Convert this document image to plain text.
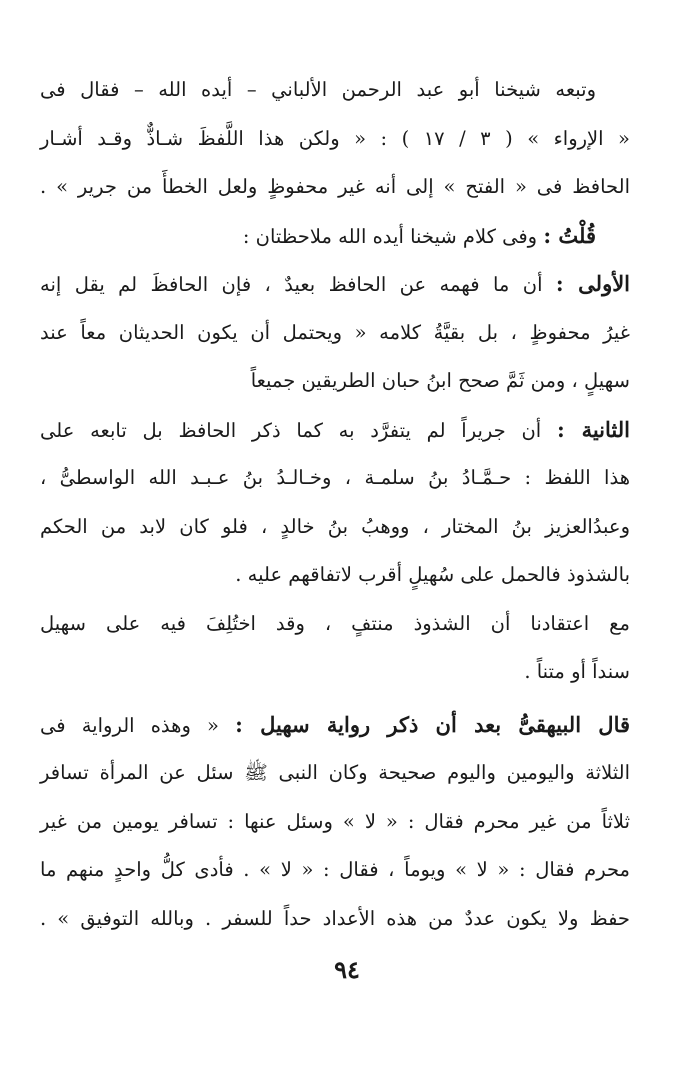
وتبعه شيخنا أبو عبد الرحمن الألباني – أيده الله – فقال فى
« الإرواء » ( ٣ / ١٧ ) : « ولكن هذا اللَّفظَ شـاذٌّ وقـد أشـار
الحافظ فى « الفتح » إلى أنه غير محفوظٍ ولعل الخطأَ من جرير » .
قُلْتُ : وفى كلام شيخنا أيده الله ملاحظتان :
الأولى : أن ما فهمه عن الحافظ بعيدٌ ، فإن الحافظَ لم يقل إنه
غيرُ محفوظٍ ، بل بقيَّةُ كلامه « ويحتمل أن يكون الحديثان معاً عند
سهيلٍ ، ومن ثَمَّ صحح ابنُ حبان الطريقين جميعاً
الثانية : أن جريراً لم يتفرَّد به كما ذكر الحافظ بل تابعه على
هذا اللفظ : حـمَّـادُ بنُ سلمـة ، وخـالـدُ بنُ عـبـد الله الواسطىُّ ،
وعبدُالعزيز بنُ المختار ، ووهبُ بنُ خالدٍ ، فلو كان لابد من الحكم
بالشذوذ فالحمل على سُهيلٍ أقرب لاتفاقهم عليه .
مع اعتقادنا أن الشذوذ منتفٍ ، وقد اختُلِفَ فيه على سهيل
سنداً أو متناً .
قال البيهقىُّ بعد أن ذكر رواية سهيل : « وهذه الرواية فى
الثلاثة واليومين واليوم صحيحة وكان النبى ﷺ سئل عن المرأة تسافر
ثلاثاً من غير محرم فقال : « لا » وسئل عنها : تسافر يومين من غير
محرم فقال : « لا » ويوماً ، فقال : « لا » . فأدى كلُّ واحدٍ منهم ما
حفظ ولا يكون عددٌ من هذه الأعداد حداً للسفر . وبالله التوفيق » .
٩٤
